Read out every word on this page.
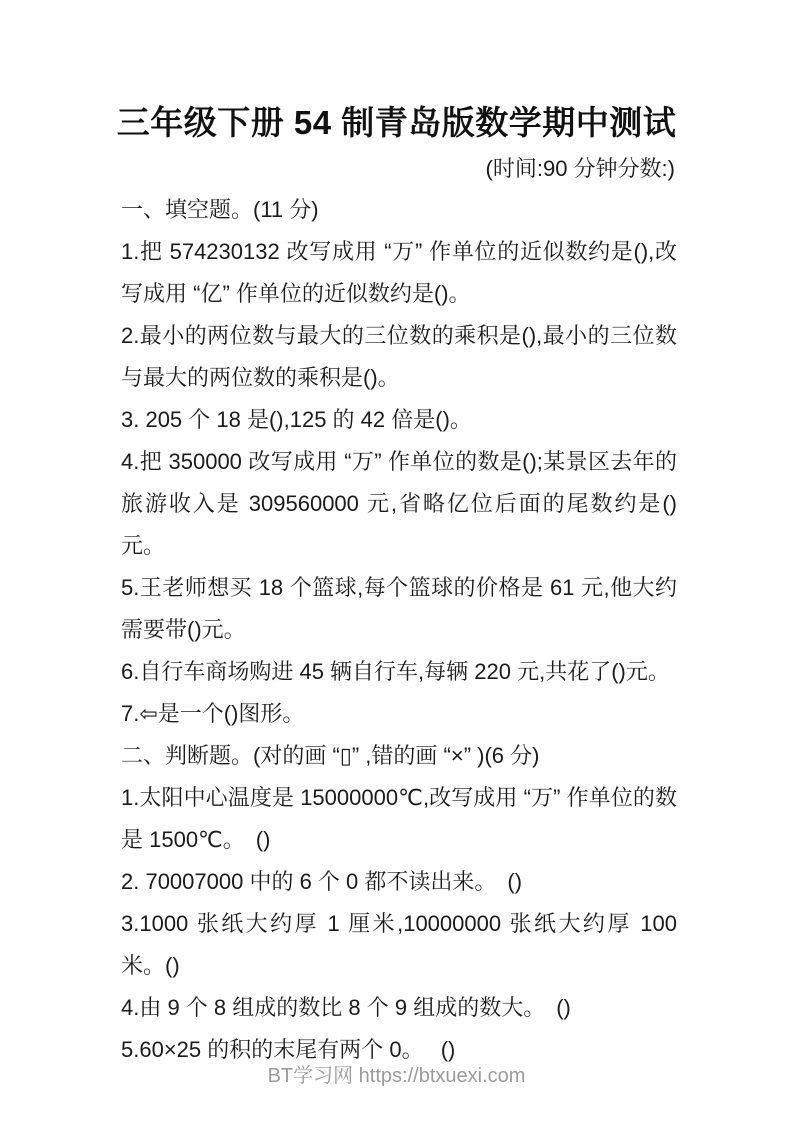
三年级下册 54 制青岛版数学期中测试
(时间:90 分钟分数:)

一、填空题。(11 分)

1.把 574230132 改写成用 “万” 作单位的近似数约是(),改写成用 “亿” 作单位的近似数约是()。

2.最小的两位数与最大的三位数的乘积是(),最小的三位数与最大的两位数的乘积是()。

3. 205 个 18 是(),125 的 42 倍是()。

4.把 350000 改写成用 “万” 作单位的数是();某景区去年的旅游收入是 309560000 元,省略亿位后面的尾数约是()元。

5.王老师想买 18 个篮球,每个篮球的价格是 61 元,他大约需要带()元。

6.自行车商场购进 45 辆自行车,每辆 220 元,共花了()元。

7.⇦是一个()图形。

二、判断题。(对的画 “▯” ,错的画 “×” )(6 分)

1.太阳中心温度是 15000000℃,改写成用 “万” 作单位的数是 1500℃。　()

2. 70007000 中的 6 个 0 都不读出来。　()

3.1000 张纸大约厚 1 厘米,10000000 张纸大约厚 100 米。()

4.由 9 个 8 组成的数比 8 个 9 组成的数大。　()

5.60×25 的积的末尾有两个 0。　 ()

BT学习网 https://btxuexi.com
